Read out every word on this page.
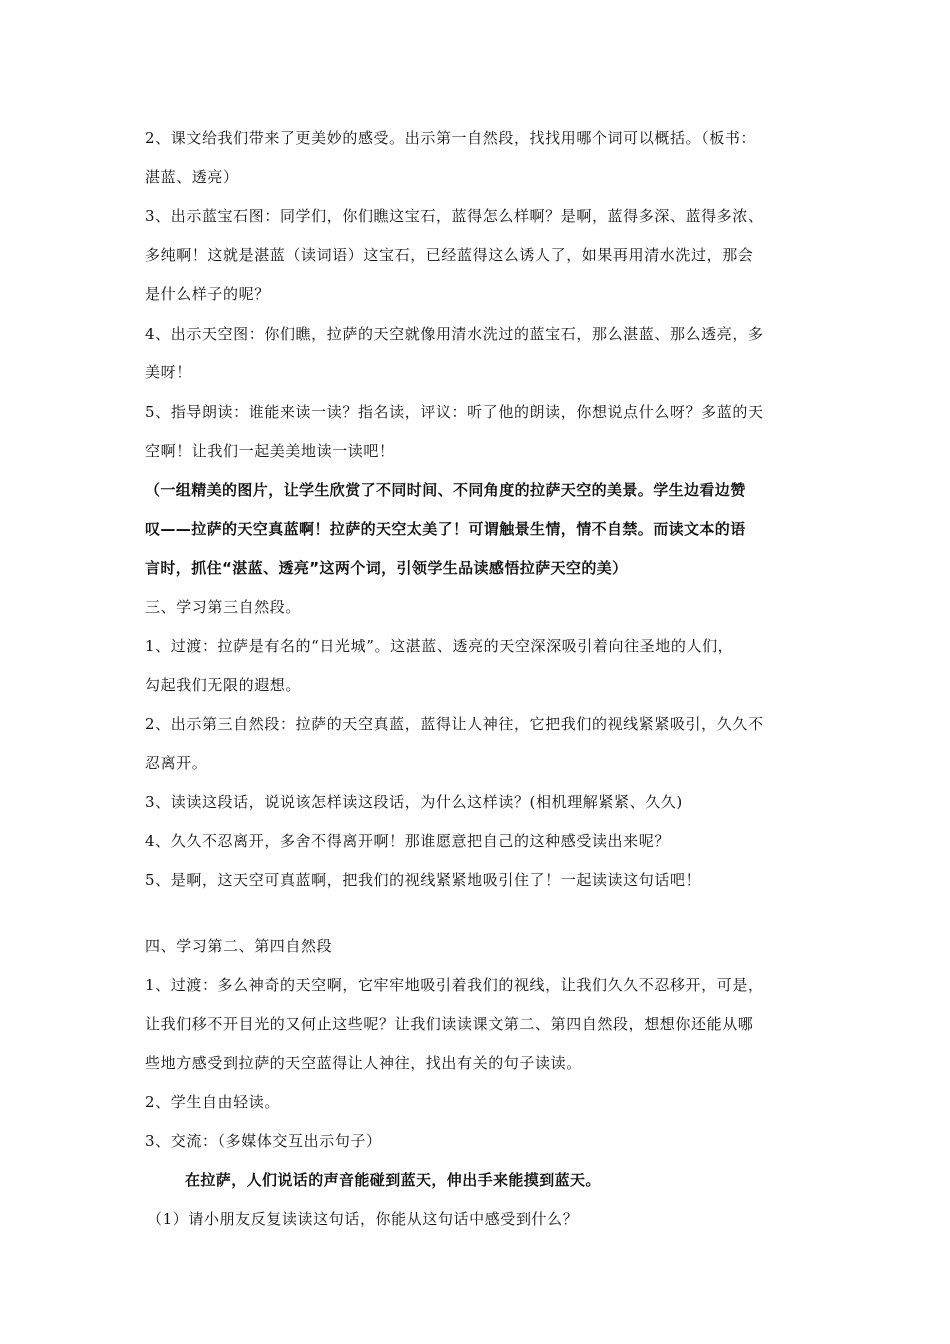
2、课文给我们带来了更美妙的感受。出示第一自然段，找找用哪个词可以概括。（板书：
湛蓝、透亮）
3、出示蓝宝石图：同学们，你们瞧这宝石，蓝得怎么样啊？是啊，蓝得多深、蓝得多浓、
多纯啊！这就是湛蓝（读词语）这宝石，已经蓝得这么诱人了，如果再用清水洗过，那会
是什么样子的呢？
4、出示天空图：你们瞧，拉萨的天空就像用清水洗过的蓝宝石，那么湛蓝、那么透亮，多
美呀！
5、指导朗读：谁能来读一读？指名读，评议：听了他的朗读，你想说点什么呀？多蓝的天
空啊！让我们一起美美地读一读吧！
（一组精美的图片，让学生欣赏了不同时间、不同角度的拉萨天空的美景。学生边看边赞
叹——拉萨的天空真蓝啊！拉萨的天空太美了！可谓触景生情，情不自禁。而读文本的语
言时，抓住“湛蓝、透亮”这两个词，引领学生品读感悟拉萨天空的美）
三、学习第三自然段。
1、过渡：拉萨是有名的“日光城”。这湛蓝、透亮的天空深深吸引着向往圣地的人们，
勾起我们无限的遐想。
2、出示第三自然段：拉萨的天空真蓝，蓝得让人神往，它把我们的视线紧紧吸引，久久不
忍离开。
3、读读这段话，说说该怎样读这段话，为什么这样读？(相机理解紧紧、久久)
4、久久不忍离开，多舍不得离开啊！那谁愿意把自己的这种感受读出来呢？
5、是啊，这天空可真蓝啊，把我们的视线紧紧地吸引住了！一起读读这句话吧！
四、学习第二、第四自然段
1、过渡：多么神奇的天空啊，它牢牢地吸引着我们的视线，让我们久久不忍移开，可是，
让我们移不开目光的又何止这些呢？让我们读读课文第二、第四自然段，想想你还能从哪
些地方感受到拉萨的天空蓝得让人神往，找出有关的句子读读。
2、学生自由轻读。
3、交流：（多媒体交互出示句子）
在拉萨，人们说话的声音能碰到蓝天，伸出手来能摸到蓝天。
（1）请小朋友反复读读这句话，你能从这句话中感受到什么？
